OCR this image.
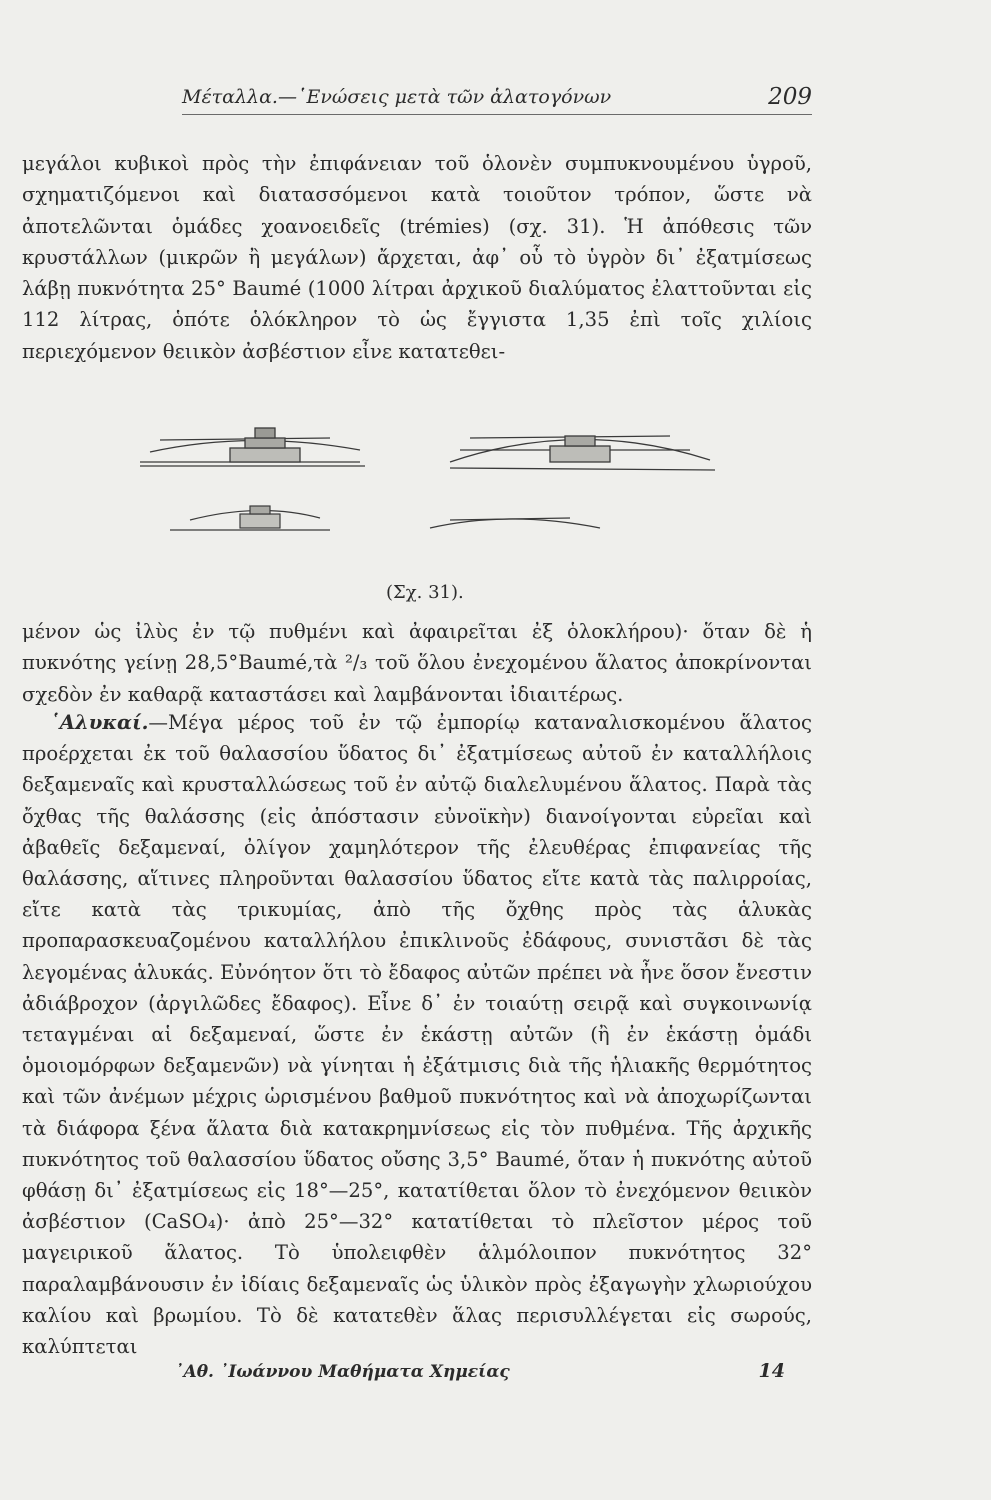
Μέταλλα.—῾Ενώσεις μετὰ τῶν ἁλατογόνων	209

μεγάλοι κυβικοὶ πρὸς τὴν ἐπιφάνειαν τοῦ ὁλονὲν συμπυκνουμένου ὑγροῦ, σχηματιζόμενοι καὶ διατασσόμενοι κατὰ τοιοῦτον τρόπον, ὥστε νὰ ἀποτελῶνται ὁμάδες χοανοειδεῖς (trémies) (σχ. 31). Ἡ ἀπόθεσις τῶν κρυστάλλων (μικρῶν ἢ μεγάλων) ἄρχεται, ἀφ᾿ οὗ τὸ ὑγρὸν δι᾿ ἐξατμίσεως λάβῃ πυκνότητα 25° Baumé (1000 λίτραι ἀρχικοῦ διαλύματος ἐλαττοῦνται εἰς 112 λίτρας, ὁπότε ὁλόκληρον τὸ ὡς ἔγγιστα 1,35 ἐπὶ τοῖς χιλίοις περιεχόμενον θειικὸν ἀσβέστιον εἶνε κατατεθει-

(Σχ. 31).

μένον ὡς ἰλὺς ἐν τῷ πυθμένι καὶ ἀφαιρεῖται ἐξ ὁλοκλήρου)· ὅταν δὲ ἡ πυκνότης γείνῃ 28,5°Baumé,τὰ ²/₃ τοῦ ὅλου ἐνεχομένου ἅλατος ἀποκρίνονται σχεδὸν ἐν καθαρᾷ καταστάσει καὶ λαμβάνονται ἰδιαιτέρως.

῾Αλυκαί.—Μέγα μέρος τοῦ ἐν τῷ ἐμπορίῳ καταναλισκομένου ἅλατος προέρχεται ἐκ τοῦ θαλασσίου ὕδατος δι᾿ ἐξατμίσεως αὐτοῦ ἐν καταλλήλοις δεξαμεναῖς καὶ κρυσταλλώσεως τοῦ ἐν αὐτῷ διαλελυμένου ἅλατος. Παρὰ τὰς ὄχθας τῆς θαλάσσης (εἰς ἀπόστασιν εὐνοϊκὴν) διανοίγονται εὐρεῖαι καὶ ἀβαθεῖς δεξαμεναί, ὀλίγον χαμηλότερον τῆς ἐλευθέρας ἐπιφανείας τῆς θαλάσσης, αἵτινες πληροῦνται θαλασσίου ὕδατος εἴτε κατὰ τὰς παλιρροίας, εἴτε κατὰ τὰς τρικυμίας, ἀπὸ τῆς ὄχθης πρὸς τὰς ἁλυκὰς προπαρασκευαζομένου καταλλήλου ἐπικλινοῦς ἐδάφους, συνιστᾶσι δὲ τὰς λεγομένας ἁλυκάς. Εὐνόητον ὅτι τὸ ἔδαφος αὐτῶν πρέπει νὰ ἦνε ὅσον ἔνεστιν ἀδιάβροχον (ἀργιλῶδες ἔδαφος). Εἶνε δ᾿ ἐν τοιαύτῃ σειρᾷ καὶ συγκοινωνίᾳ τεταγμέναι αἱ δεξαμεναί, ὥστε ἐν ἑκάστῃ αὐτῶν (ἢ ἐν ἑκάστῃ ὁμάδι ὁμοιομόρφων δεξαμενῶν) νὰ γίνηται ἡ ἐξάτμισις διὰ τῆς ἡλιακῆς θερμότητος καὶ τῶν ἀνέμων μέχρις ὡρισμένου βαθμοῦ πυκνότητος καὶ νὰ ἀποχωρίζωνται τὰ διάφορα ξένα ἅλατα διὰ κατακρημνίσεως εἰς τὸν πυθμένα. Τῆς ἀρχικῆς πυκνότητος τοῦ θαλασσίου ὕδατος οὔσης 3,5° Baumé, ὅταν ἡ πυκνότης αὐτοῦ φθάσῃ δι᾿ ἐξατμίσεως εἰς 18°—25°, κατατίθεται ὅλον τὸ ἐνεχόμενον θειικὸν ἀσβέστιον (CaSO₄)· ἀπὸ 25°—32° κατατίθεται τὸ πλεῖστον μέρος τοῦ μαγειρικοῦ ἅλατος. Τὸ ὑπολειφθὲν ἁλμόλοιπον πυκνότητος 32° παραλαμβάνουσιν ἐν ἰδίαις δεξαμεναῖς ὡς ὑλικὸν πρὸς ἐξαγωγὴν χλωριούχου καλίου καὶ βρωμίου. Τὸ δὲ κατατεθὲν ἅλας περισυλλέγεται εἰς σωρούς, καλύπτεται

᾿Αθ. ᾿Ιωάννου Μαθήματα Χημείας	14
